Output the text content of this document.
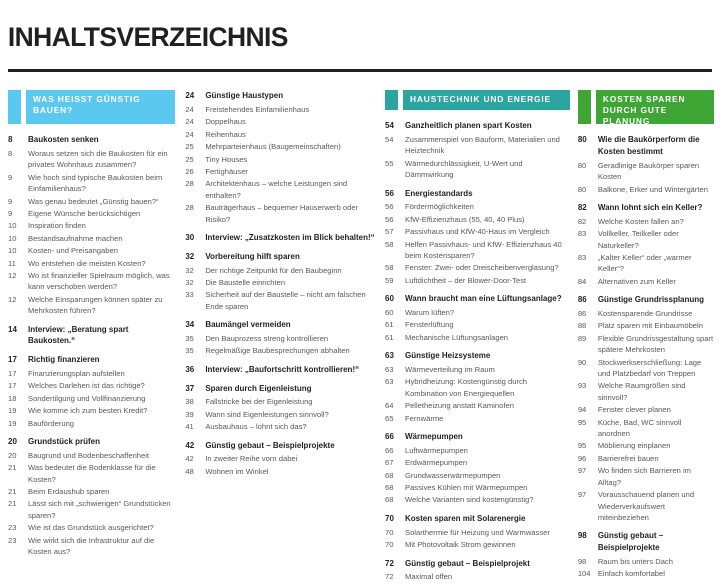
INHALTSVERZEICHNIS
WAS HEISST GÜNSTIG BAUEN?
8	Baukosten senken
8	Woraus setzen sich die Baukosten für ein privates Wohnhaus zusammen?
9	Wie hoch sind typische Baukosten beim Einfamilienhaus?
9	Was genau bedeutet „Günstig bauen?“
9	Eigene Wünsche berücksichtigen
10	Inspiration finden
10	Bestandsaufnahme machen
10	Kosten- und Preisangaben
11	Wo entstehen die meisten Kosten?
12	Wo ist finanzieller Spielraum möglich, was kann verschoben werden?
12	Welche Einsparungen können später zu Mehrkosten führen?
14	Interview: „Beratung spart Baukosten.“
17	Richtig finanzieren
17	Finanzierungsplan aufstellen
17	Welches Darlehen ist das richtige?
18	Sondertilgung und Vollfinanzierung
19	Wie komme ich zum besten Kredit?
19	Bauförderung
20	Grundstück prüfen
20	Baugrund und Bodenbeschaffenheit
21	Was bedeutet die Bodenklasse für die Kosten?
21	Beim Erdaushub sparen
21	Lässt sich mit „schwierigen“ Grundstücken sparen?
23	Wie ist das Grundstück ausgerichtet?
23	Wie wirkt sich die Infrastruktur auf die Kosten aus?
24	Günstige Haustypen
24	Freistehendes Einfamilienhaus
24	Doppelhaus
24	Reihenhaus
25	Mehrparteienhaus (Baugemeinschaften)
25	Tiny Houses
26	Fertighäuser
28	Architektenhaus – welche Leistungen sind enthalten?
28	Bauträgerhaus – bequemer Hauserwerb oder Risiko?
30	Interview: „Zusatzkosten im Blick behalten!“
32	Vorbereitung hilft sparen
32	Der richtige Zeitpunkt für den Baubeginn
32	Die Baustelle einrichten
33	Sicherheit auf der Baustelle – nicht am falschen Ende sparen
34	Baumängel vermeiden
35	Den Bauprozess streng kontrollieren
35	Regelmäßige Baubesprechungen abhalten
36	Interview: „Baufortschritt kontrollieren!“
37	Sparen durch Eigenleistung
38	Fallstricke bei der Eigenleistung
39	Wann sind Eigenleistungen sinnvoll?
41	Ausbauhaus – lohnt sich das?
42	Günstig gebaut – Beispielprojekte
42	In zweiter Reihe vorn dabei
48	Wohnen im Winkel
HAUSTECHNIK UND ENERGIE
54	Ganzheitlich planen spart Kosten
54	Zusammenspiel von Bauform, Materialien und Heiztechnik
55	Wärmedurchlässigkeit, U-Wert und Dämmwirkung
56	Energiestandards
56	Fördermöglichkeiten
56	KfW-Effizienzhaus (55, 40, 40 Plus)
57	Passivhaus und KfW-40-Haus im Vergleich
58	Helfen Passivhaus- und KfW- Effizienzhaus 40 beim Kostensparen?
58	Fenster: Zwei- oder Dreischeibenverglasung?
59	Luftdichtheit – der Blower-Door-Test
60	Wann braucht man eine Lüftungsanlage?
60	Warum lüften?
61	Fensterlüftung
61	Mechanische Lüftungsanlagen
63	Günstige Heizsysteme
63	Wärmeverteilung im Raum
63	Hybridheizung: Kostengünstig durch Kombination von Energiequellen
64	Pelletheizung anstatt Kaminofen
65	Fernwärme
66	Wärmepumpen
66	Luftwärmepumpen
67	Erdwärmepumpen
68	Grundwasserwärmepumpen
68	Passives Kühlen mit Wärmepumpen
68	Welche Varianten sind kostengünstig?
70	Kosten sparen mit Solarenergie
70	Solarthermie für Heizung und Warmwasser
70	Mit Photovoltaik Strom gewinnen
72	Günstig gebaut – Beispielprojekt
72	Maximal offen
KOSTEN SPAREN DURCH GUTE PLANUNG
80	Wie die Baukörperform die Kosten bestimmt
80	Geradlinige Baukörper sparen Kosten
80	Balkone, Erker und Wintergärten
82	Wann lohnt sich ein Keller?
82	Welche Kosten fallen an?
83	Vollkeller, Teilkeller oder Naturkeller?
83	„Kalter Keller“ oder „warmer Keller“?
84	Alternativen zum Keller
86	Günstige Grundrissplanung
86	Kostensparende Grundrisse
88	Platz sparen mit Einbaumöbeln
89	Flexible Grundrissgestaltung spart spätere Mehrkosten
90	Stockwerkserschließung: Lage und Platzbedarf von Treppen
93	Welche Raumgrößen sind sinnvoll?
94	Fenster clever planen
95	Küche, Bad, WC sinnvoll anordnen
95	Möblierung einplanen
96	Barrierefrei bauen
97	Wo finden sich Barrieren im Alltag?
97	Vorausschauend planen und Wiederverkaufswert miteinbeziehen
98	Günstig gebaut – Beispielprojekte
98	Raum bis unters Dach
104 Einfach komfortabel
